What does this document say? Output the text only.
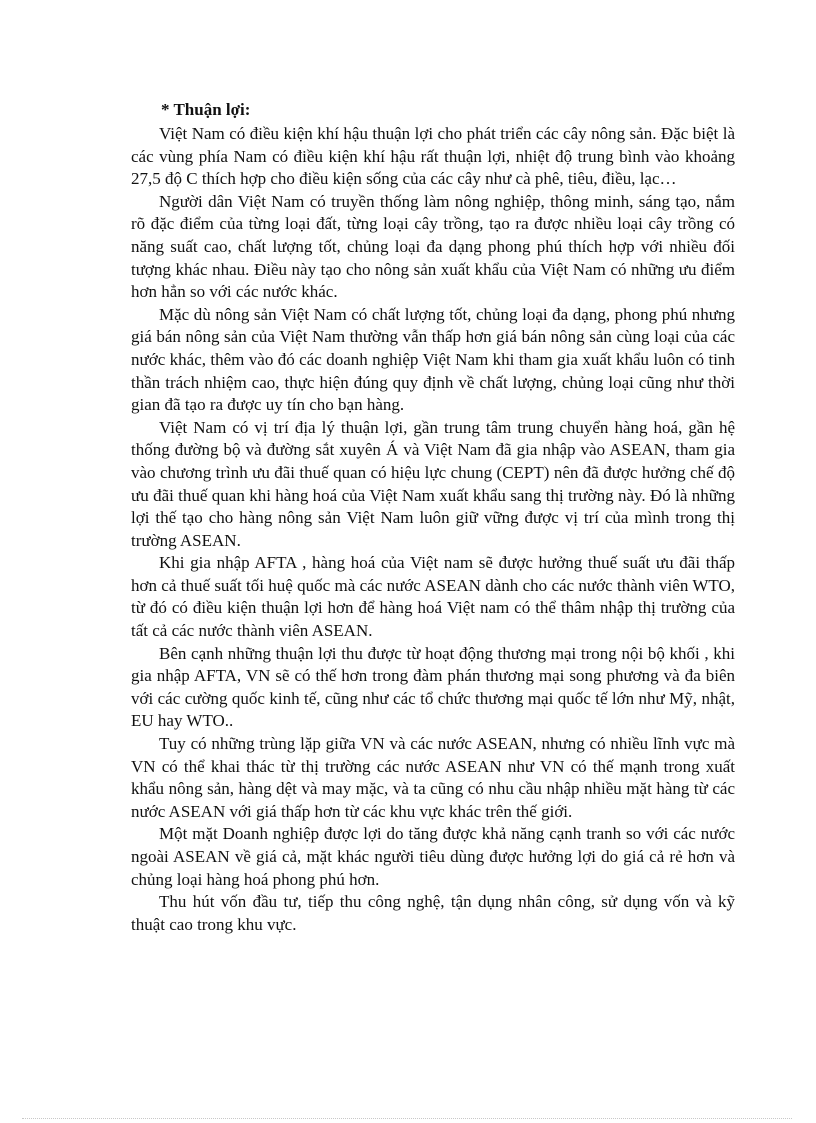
* Thuận lợi:

Việt Nam có điều kiện khí hậu thuận lợi cho phát triển các cây nông sản. Đặc biệt là các vùng phía Nam có điều kiện khí hậu rất thuận lợi, nhiệt độ trung bình vào khoảng 27,5 độ C thích hợp cho điều kiện sống của các cây như cà phê, tiêu, điều, lạc…

Người dân Việt Nam có truyền thống làm nông nghiệp, thông minh, sáng tạo, nắm rõ đặc điểm của từng loại đất, từng loại cây trồng, tạo ra được nhiều loại cây trồng có năng suất cao, chất lượng tốt, chủng loại đa dạng phong phú thích hợp với nhiều đối tượng khác nhau. Điều này tạo cho nông sản xuất khẩu của Việt Nam có những ưu điểm hơn hẳn so với các nước khác.

Mặc dù nông sản Việt Nam có chất lượng tốt, chủng loại đa dạng, phong phú nhưng giá bán nông sản của Việt Nam thường vẫn thấp hơn giá bán nông sản cùng loại của các nước khác, thêm vào đó các doanh nghiệp Việt Nam khi tham gia xuất khẩu luôn có tinh thần trách nhiệm cao, thực hiện đúng quy định về chất lượng, chủng loại cũng như thời gian đã tạo ra được uy tín cho bạn hàng.

Việt Nam có vị trí địa lý thuận lợi, gần trung tâm trung chuyển hàng hoá, gần hệ thống đường bộ và đường sắt xuyên Á và Việt Nam đã gia nhập vào ASEAN, tham gia vào chương trình ưu đãi thuế quan có hiệu lực chung (CEPT) nên đã được hưởng chế độ ưu đãi thuế quan khi hàng hoá của Việt Nam xuất khẩu sang thị trường này. Đó là những lợi thế tạo cho hàng nông sản Việt Nam luôn giữ vững được vị trí của mình trong thị trường ASEAN.

Khi gia nhập AFTA , hàng hoá của Việt nam sẽ được hưởng thuế suất ưu đãi thấp hơn cả thuế suất tối huệ quốc mà các nước ASEAN dành cho các nước thành viên WTO, từ đó có điều kiện thuận lợi hơn để hàng hoá Việt nam có thể thâm nhập thị trường của tất cả các nước thành viên ASEAN.

Bên cạnh những thuận lợi thu được từ hoạt động thương mại trong nội bộ khối , khi gia nhập AFTA, VN sẽ có thế hơn trong đàm phán thương mại song phương và đa biên với các cường quốc kinh tế, cũng như các tổ chức thương mại quốc tế lớn như Mỹ, nhật, EU hay WTO..

Tuy có những trùng lặp giữa VN và các nước ASEAN, nhưng có nhiều lĩnh vực mà VN có thể khai thác từ thị trường các nước ASEAN như VN có thế mạnh trong xuất khẩu nông sản, hàng dệt và may mặc, và ta cũng có nhu cầu nhập nhiều mặt hàng từ các nước ASEAN với giá thấp hơn từ các khu vực khác trên thế giới.

Một mặt Doanh nghiệp được lợi do tăng được khả năng cạnh tranh so với các nước ngoài ASEAN về giá cả, mặt khác người tiêu dùng được hưởng lợi do giá cả rẻ hơn và chủng loại hàng hoá phong phú hơn.

Thu hút vốn đầu tư, tiếp thu công nghệ, tận dụng nhân công, sử dụng vốn và kỹ thuật cao trong khu vực.
